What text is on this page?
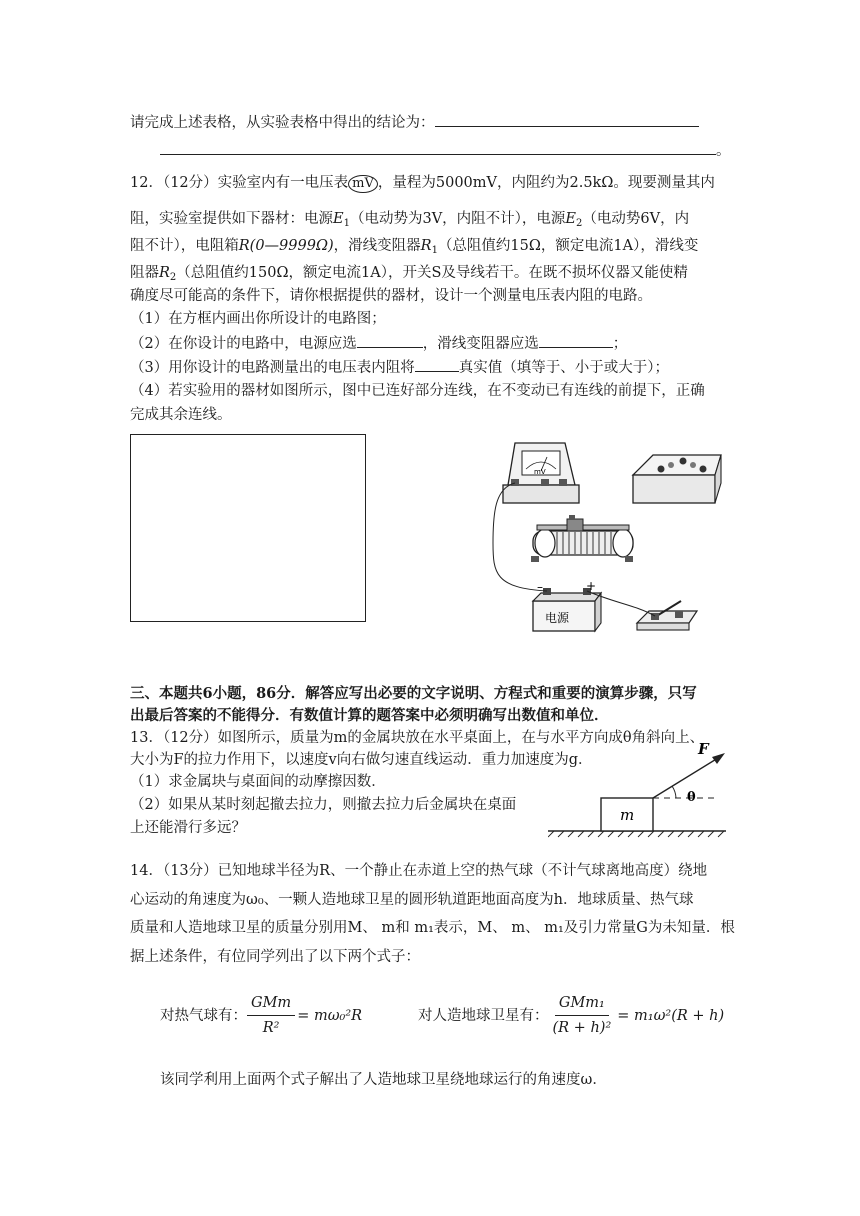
请完成上述表格，从实验表格中得出的结论为：
。
12．（12分）实验室内有一电压表 mV ，量程为5000mV，内阻约为2.5kΩ。现要测量其内
阻，实验室提供如下器材：电源$E_1$（电动势为3V，内阻不计），电源$E_2$（电动势6V，内
阻不计），电阻箱R(0—9999Ω)，滑线变阻器$R_1$（总阻值约15Ω，额定电流1A），滑线变
阻器$R_2$（总阻值约150Ω，额定电流1A），开关S及导线若干。在既不损坏仪器又能使精
确度尽可能高的条件下，请你根据提供的器材，设计一个测量电压表内阻的电路。
（1）在方框内画出你所设计的电路图；
（2）在你设计的电路中，电源应选	，滑线变阻器应选	；
（3）用你设计的电路测量出的电压表内阻将	真实值（填等于、小于或大于）；
（4）若实验用的器材如图所示，图中已连好部分连线，在不变动已有连线的前提下，正确
完成其余连线。
mV
–	+
电源
三、本题共6小题，86分．解答应写出必要的文字说明、方程式和重要的演算步骤，只写
出最后答案的不能得分．有数值计算的题答案中必须明确写出数值和单位．
13．（12分）如图所示，质量为m的金属块放在水平桌面上，在与水平方向成θ角斜向上、
大小为F的拉力作用下，以速度v向右做匀速直线运动．重力加速度为g．
（1）求金属块与桌面间的动摩擦因数．
（2）如果从某时刻起撤去拉力，则撤去拉力后金属块在桌面
上还能滑行多远？
m
F
θ
14．（13分）已知地球半径为R、一个静止在赤道上空的热气球（不计气球离地高度）绕地
心运动的角速度为ω₀、一颗人造地球卫星的圆形轨道距地面高度为h．地球质量、热气球
质量和人造地球卫星的质量分别用M、 m和 m₁表示，M、 m、 m₁及引力常量G为未知量．根
据上述条件，有位同学列出了以下两个式子：
对热气球有： $\frac{\text{GMm}}{\text{R²}} = m\omega_0^2R$	对人造地球卫星有： $\frac{\text{GMm₁}}{\text{(R + h)²}} = m_1\omega^2(R + h)$
该同学利用上面两个式子解出了人造地球卫星绕地球运行的角速度ω．
